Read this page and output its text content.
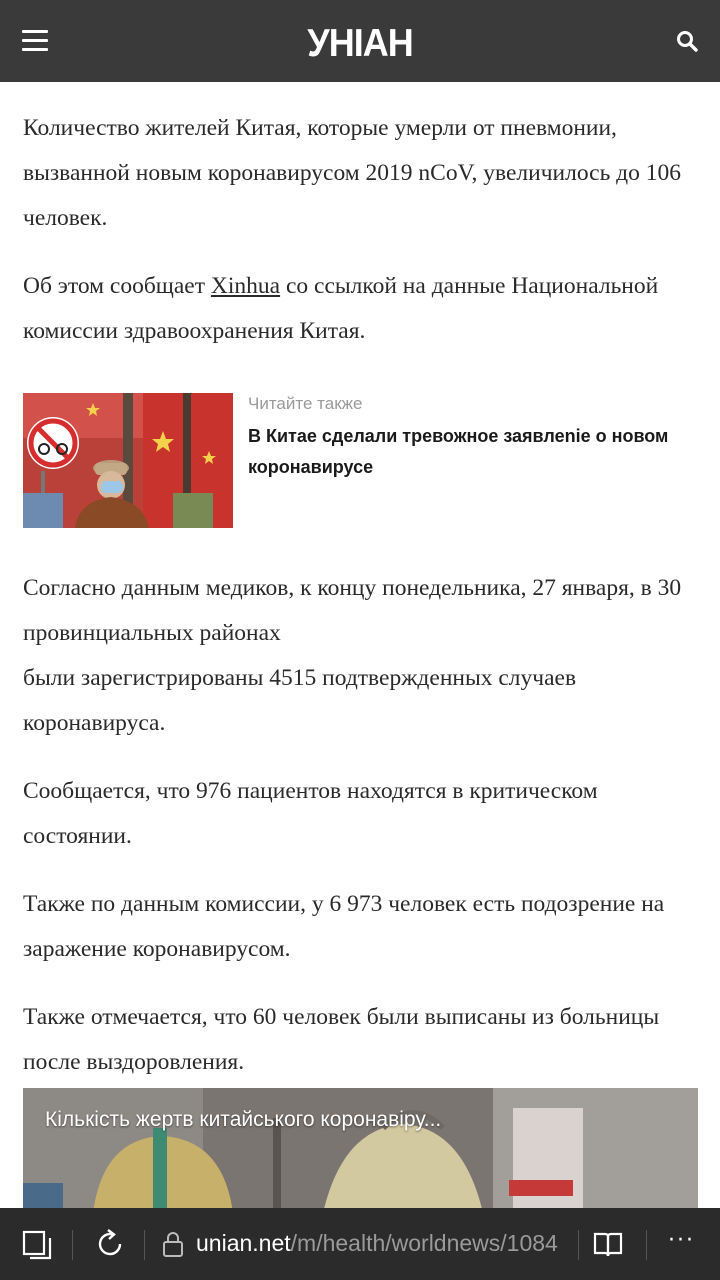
УНІАН

Количество жителей Китая, которые умерли от пневмонии, вызванной новым коронавирусом 2019 nCoV, увеличилось до 106 человек.

Об этом сообщает Xinhua со ссылкой на данные Национальной комиссии здравоохранения Китая.

Читайте также
В Китае сделали тревожное заявлеnіе о новом коронавирусе

Согласно данным медиков, к концу понедельника, 27 января, в 30 провинциальных районах

были зарегистрированы 4515 подтвержденных случаев коронавируса.

Сообщается, что 976 пациентов находятся в критическом состоянии.

Также по данным комиссии, у 6 973 человек есть подозрение на заражение коронавирусом.

Также отмечается, что 60 человек были выписаны из больницы после выздоровления.

Кількість жертв китайського коронавіру...
unian.net/m/health/worldnews/1084	···
